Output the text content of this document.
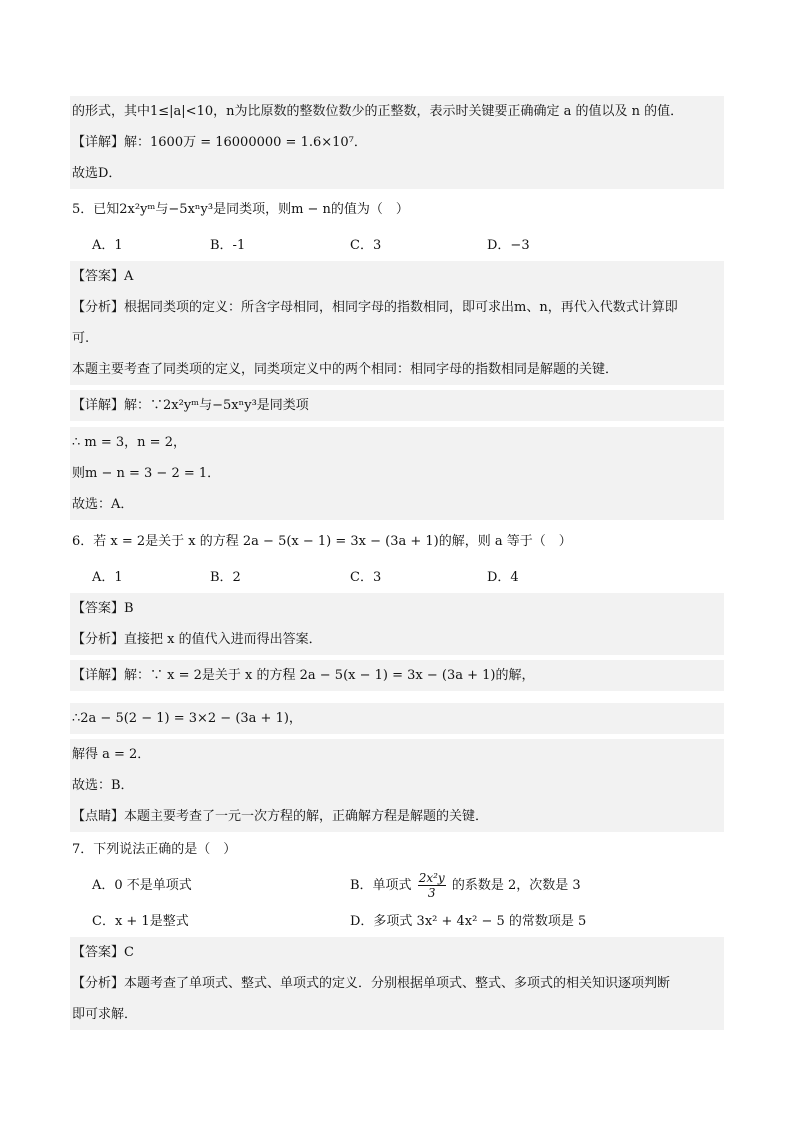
的形式，其中1≤|a|<10，n为比原数的整数位数少的正整数，表示时关键要正确确定 a 的值以及 n 的值．
【详解】解：1600万 = 16000000 = 1.6×10⁷．
故选D．
5．已知2x²yᵐ与−5xⁿy³是同类项，则m − n的值为（　）
A．1	B．-1	C．3	D．−3
【答案】A
【分析】根据同类项的定义：所含字母相同，相同字母的指数相同，即可求出m、n，再代入代数式计算即
可.
本题主要考查了同类项的定义，同类项定义中的两个相同：相同字母的指数相同是解题的关键．
【详解】解：∵2x²yᵐ与−5xⁿy³是同类项
∴ m = 3，n = 2，
则m − n = 3 − 2 = 1．
故选：A．
6．若 x = 2是关于 x 的方程 2a − 5(x − 1) = 3x − (3a + 1)的解，则 a 等于（　）
A．1	B．2	C．3	D．4
【答案】B
【分析】直接把 x 的值代入进而得出答案．
【详解】解：∵ x = 2是关于 x 的方程 2a − 5(x − 1) = 3x − (3a + 1)的解，
∴2a − 5(2 − 1) = 3×2 − (3a + 1)，
解得 a = 2．
故选：B．
【点睛】本题主要考查了一元一次方程的解，正确解方程是解题的关键．
7．下列说法正确的是（　）
A．0 不是单项式	B．单项式 $\frac{\text{2x²y}}{3}$ 的系数是 2，次数是 3
C．x + 1是整式	D．多项式 3x² + 4x² − 5 的常数项是 5
【答案】C
【分析】本题考查了单项式、整式、单项式的定义．分别根据单项式、整式、多项式的相关知识逐项判断
即可求解．
